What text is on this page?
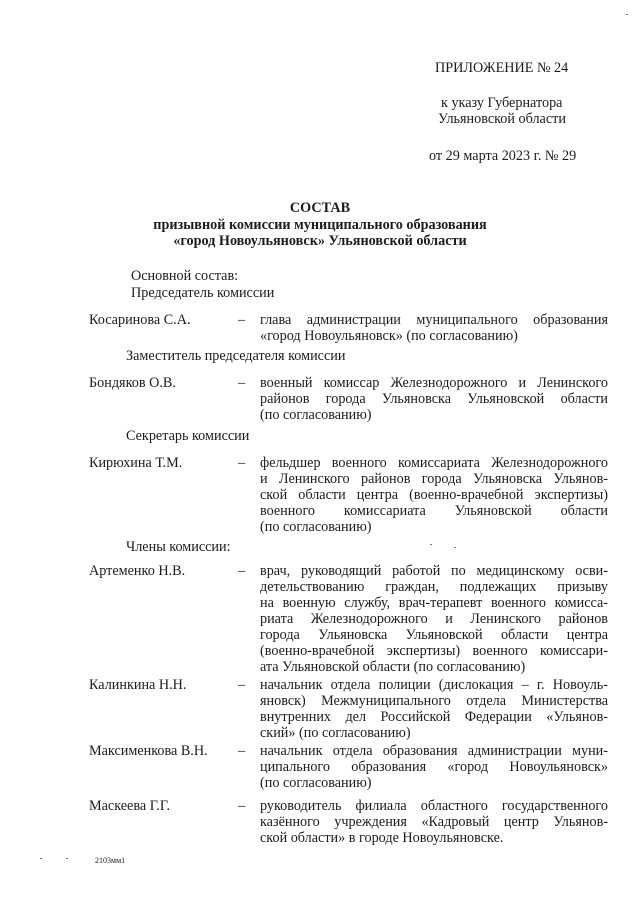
ПРИЛОЖЕНИЕ № 24
к указу Губернатора
Ульяновской области
от 29 марта 2023 г. № 29
СОСТАВ
призывной комиссии муниципального образования
«город Новоульяновск» Ульяновской области
Основной состав:
Председатель комиссии
Косаринова С.А.	– глава администрации муниципального образования
«город Новоульяновск» (по согласованию)
Заместитель председателя комиссии
Бондяков О.В.	– военный комиссар Железнодорожного и Ленинского
районов города Ульяновска Ульяновской области
(по согласованию)
Секретарь комиссии
Кирюхина Т.М.	– фельдшер военного комиссариата Железнодорожного
и Ленинского районов города Ульяновска Ульянов-
ской области центра (военно-врачебной экспертизы)
военного комиссариата Ульяновской области
(по согласованию)
Члены комиссии:
Артеменко Н.В.	– врач, руководящий работой по медицинскому осви-
детельствованию граждан, подлежащих призыву
на военную службу, врач-терапевт военного комисса-
риата Железнодорожного и Ленинского районов
города Ульяновска Ульяновской области центра
(военно-врачебной экспертизы) военного комиссари-
ата Ульяновской области (по согласованию)
Калинкина Н.Н.	– начальник отдела полиции (дислокация – г. Новоуль-
яновск) Межмуниципального отдела Министерства
внутренних дел Российской Федерации «Ульянов-
ский» (по согласованию)
Максименкова В.Н. – начальник отдела образования администрации муни-
ципального образования «город Новоульяновск»
(по согласованию)
Маскеева Г.Г.	– руководитель филиала областного государственного
казённого учреждения «Кадровый центр Ульянов-
ской области» в городе Новоульяновске.
2103мм1
